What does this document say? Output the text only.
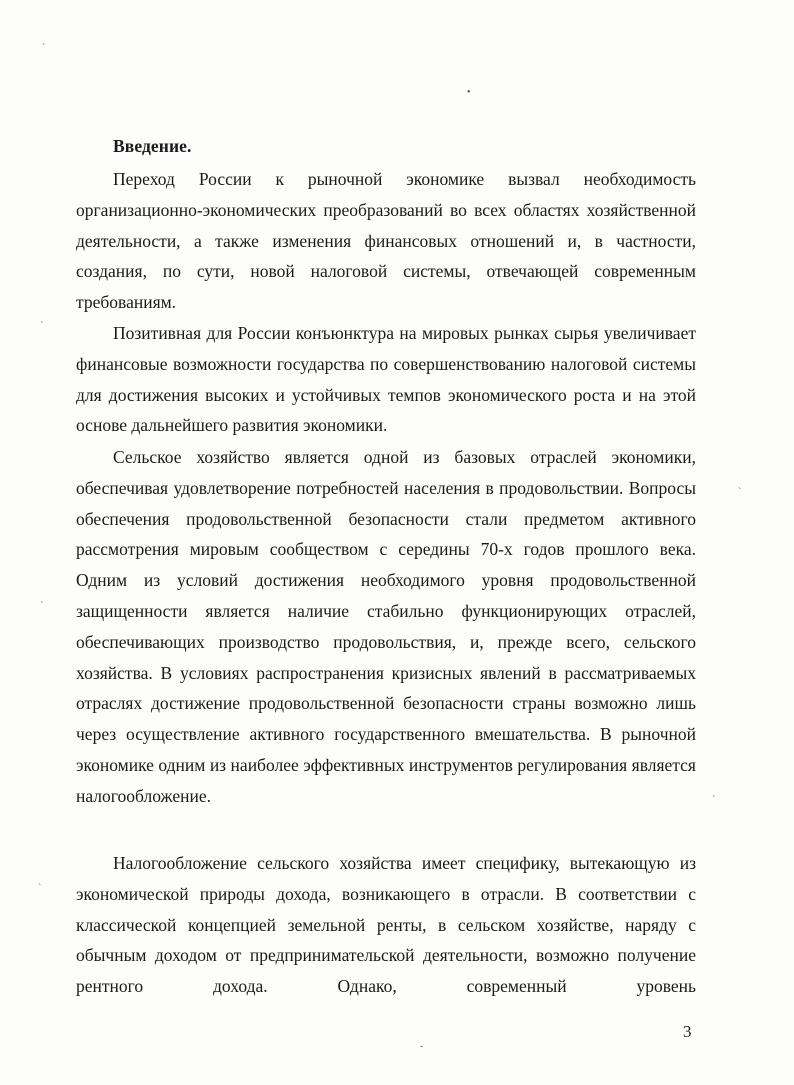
Введение.

Переход России к рыночной экономике вызвал необходимость организационно-экономических преобразований во всех областях хозяйственной деятельности, а также изменения финансовых отношений и, в частности, создания, по сути, новой налоговой системы, отвечающей современным требованиям.

Позитивная для России конъюнктура на мировых рынках сырья увеличивает финансовые возможности государства по совершенствованию налоговой системы для достижения высоких и устойчивых темпов экономического роста и на этой основе дальнейшего развития экономики.

Сельское хозяйство является одной из базовых отраслей экономики, обеспечивая удовлетворение потребностей населения в продовольствии. Вопросы обеспечения продовольственной безопасности стали предметом активного рассмотрения мировым сообществом с середины 70-х годов прошлого века. Одним из условий достижения необходимого уровня продовольственной защищенности является наличие стабильно функционирующих отраслей, обеспечивающих производство продовольствия, и, прежде всего, сельского хозяйства. В условиях распространения кризисных явлений в рассматриваемых отраслях достижение продовольственной безопасности страны возможно лишь через осуществление активного государственного вмешательства. В рыночной экономике одним из наиболее эффективных инструментов регулирования является налогообложение.

Налогообложение сельского хозяйства имеет специфику, вытекающую из экономической природы дохода, возникающего в отрасли. В соответствии с классической концепцией земельной ренты, в сельском хозяйстве, наряду с обычным доходом от предпринимательской деятельности, возможно получение рентного дохода. Однако, современный уровень

3
ˋ
•
ˋ
ˋ
ˋ
ˊ
ˋ
˘
